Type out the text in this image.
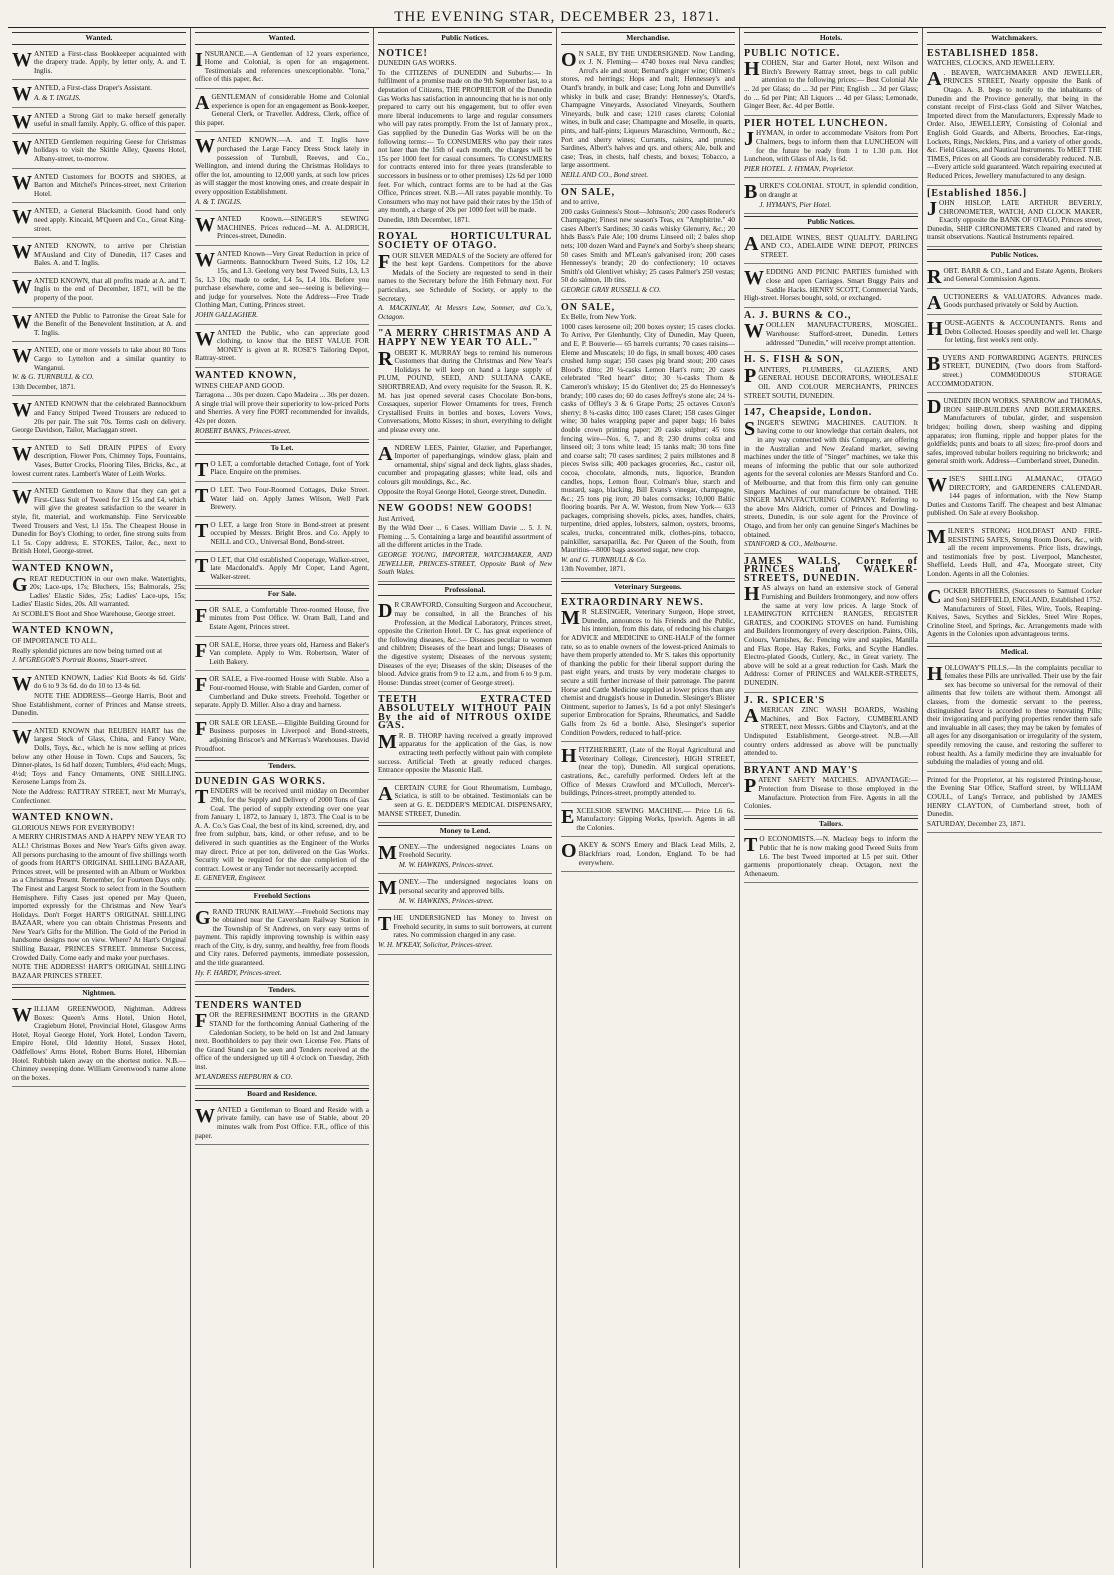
THE EVENING STAR, DECEMBER 23, 1871.
Wanted.

WANTED a First-class Bookkeeper acquainted with the drapery trade. Apply, by letter only, A. and T. Inglis.

WANTED, a First-class Draper's Assistant.

A. & T. INGLIS.

WANTED a Strong Girl to make herself generally useful in small family. Apply, G. office of this paper.

WANTED Gentlemen requiring Geese for Christmas holidays to visit the Skittle Alley, Queens Hotel, Albany-street, to-morrow.

WANTED Customers for BOOTS and SHOES, at Barton and Mitchel's Princes-street, next Criterion Hotel.

WANTED, a General Blacksmith. Good hand only need apply. Kincaid, M'Queen and Co., Great King-street.

WANTED KNOWN, to arrive per Christian M'Ausland and City of Dunedin, 117 Cases and Bales. A. and T. Inglis.

WANTED KNOWN, that all profits made at A. and T. Inglis to the end of December, 1871, will be the property of the poor.

WANTED the Public to Patronise the Great Sale for the Benefit of the Benevolent Institution, at A. and T. Inglis.

WANTED, one or more vessels to take about 80 Tons Cargo to Lyttelton and a similar quantity to Wanganui.

W. & G. TURNBULL & CO.

13th December, 1871.

WANTED KNOWN that the celebrated Bannockburn and Fancy Striped Tweed Trousers are reduced to 20s per pair. The suit 70s. Terms cash on delivery. George Davidson, Tailor, Maclaggan street.

WANTED to Sell DRAIN PIPES of Every description, Flower Pots, Chimney Tops, Fountains, Vases, Butter Crocks, Flooring Tiles, Bricks, &c., at lowest current rates. Lambert's Water of Leith Works.

WANTED Gentlemen to Know that they can get a First-Class Suit of Tweed for £3 15s and £4, which will give the greatest satisfaction to the wearer in style, fit, material, and workmanship. Fine Serviceable Tweed Trousers and Vest, Ll 15s. The Cheapest House in Dunedin for Boy's Clothing; to order, fine strong suits from L1 5s. Copy address, E. STOKES, Tailor, &c., next to British Hotel, George-street.

WANTED KNOWN,

GREAT REDUCTION in our own make. Watertights, 20s; Lace-ups, 17s; Bluchers, 15s; Balmorals, 25s; Ladies' Elastic Sides, 25s; Ladies' Lace-ups, 15s; Ladies' Elastic Sides, 20s. All warranted.

At SCOBLE'S Boot and Shoe Warehouse, George street.

WANTED KNOWN,

OF IMPORTANCE TO ALL.

Really splendid pictures are now being turned out at

J. M'GREGOR'S Portrait Rooms, Stuart-street.

WANTED KNOWN, Ladies' Kid Boots 4s 6d. Girls' do 6 to 9 3s 6d. do do 10 to 13 4s 6d.

NOTE THE ADDRESS—George Harris, Boot and Shoe Establishment, corner of Princes and Manse streets, Dunedin.

WANTED KNOWN that REUBEN HART has the largest Stock of Glass, China, and Fancy Ware, Dolls, Toys, &c., which he is now selling at prices below any other House in Town. Cups and Saucers, 5s; Dinner-plates, 1s 6d half dozen; Tumblers, 4½d each; Mugs, 4½d; Toys and Fancy Ornaments, ONE SHILLING. Kerosene Lamps from 2s.

Note the Address: RATTRAY STREET, next Mr Murray's, Confectioner.

WANTED KNOWN.

GLORIOUS NEWS FOR EVERYBODY!

A MERRY CHRISTMAS AND A HAPPY NEW YEAR TO ALL! Christmas Boxes and New Year's Gifts given away. All persons purchasing to the amount of five shillings worth of goods from HART'S ORIGINAL SHILLING BAZAAR, Princes street, will be presented with an Album or Workbox as a Christmas Present. Remember, for Fourteen Days only. The Finest and Largest Stock to select from in the Southern Hemisphere. Fifty Cases just opened per May Queen, imported expressly for the Christmas and New Year's Holidays. Don't Forget HART'S ORIGINAL SHILLING BAZAAR, where you can obtain Christmas Presents and New Year's Gifts for the Million. The Gold of the Period in handsome designs now on view. Where? At Hart's Original Shilling Bazaar, PRINCES STREET. Immense Success, Crowded Daily. Come early and make your purchases.

NOTE THE ADDRESS! HART'S ORIGINAL SHILLING BAZAAR PRINCES STREET.

Nightmen.

WILLIAM GREENWOOD, Nightman. Address Boxes: Queen's Arms Hotel, Union Hotel, Cragieburn Hotel, Provincial Hotel, Glasgow Arms Hotel, Royal George Hotel, York Hotel, London Tavern, Empire Hotel, Old Identity Hotel, Sussex Hotel, Oddfellows' Arms Hotel, Robert Burns Hotel, Hibernian Hotel. Rubbish taken away on the shortest notice. N.B.—Chimney sweeping done. William Greenwood's name alone on the boxes.

Wanted.

INSURANCE.—A Gentleman of 12 years experience, Home and Colonial, is open for an engagement. Testimonials and references unexceptionable. "Iona," office of this paper, &c.

AGENTLEMAN of considerable Home and Colonial experience is open for an engagement as Book-keeper, General Clerk, or Traveller. Address, Clerk, office of this paper.

WANTED KNOWN.—A. and T. Inglis have purchased the Large Fancy Dress Stock lately in possession of Turnbull, Reeves, and Co., Wellington, and intend during the Christmas Holidays to offer the lot, amounting to 12,000 yards, at such low prices as will stagger the most knowing ones, and create despair in every opposition Establishment.

A. & T. INGLIS.

WANTED Known.—SINGER'S SEWING MACHINES. Prices reduced—M. A. ALDRICH, Princes-street, Dunedin.

WANTED Known—Very Great Reduction in price of Garments. Bannockburn Tweed Suits, L2 10s, L2 15s, and L3. Geelong very best Tweed Suits, L3, L3 5s, L3 10s; made to order, L4 5s, L4 10s. Before you purchase elsewhere, come and see—seeing is believing—and judge for yourselves. Note the Address—Free Trade Clothing Mart, Cutting, Princes street.

JOHN GALLAGHER.

WANTED the Public, who can appreciate good clothing, to know that the BEST VALUE FOR MONEY is given at R. ROSE'S Tailoring Depot, Rattray-street.

WANTED KNOWN,

WINES CHEAP AND GOOD.

Tarragona ... 30s per dozen. Capo Madeira ... 30s per dozen. A single trial will prove their superiority to low-priced Ports and Sherries. A very fine PORT recommended for invalids, 42s per dozen.

ROBERT BANKS, Princes-street.

To Let.

T O LET, a comfortable detached Cottage, foot of York Place. Enquire on the premises.

T O LET. Two Four-Roomed Cottages, Duke Street. Water laid on. Apply James Wilson, Well Park Brewery.

T O LET, a large Iron Store in Bond-street at present occupied by Messrs. Bright Bros. and Co. Apply to NEILL and CO., Universal Bond, Bond-street.

T O LET, that Old established Cooperage, Walker-street, late Macdonald's. Apply Mr Coper, Land Agent, Walker-street.

For Sale.

FOR SALE, a Comfortable Three-roomed House, five minutes from Post Office. W. Oram Ball, Land and Estate Agent, Princes street.

FOR SALE, Horse, three years old, Harness and Baker's Van complete. Apply to Wm. Robertson, Water of Leith Bakery.

FOR SALE, a Five-roomed House with Stable. Also a Four-roomed House, with Stable and Garden, corner of Cumberland and Duke streets. Freehold. Together or separate. Apply D. Miller. Also a dray and harness.

FOR SALE OR LEASE.—Eligible Building Ground for Business purposes in Liverpool and Bond-streets, adjoining Briscoe's and M'Kerras's Warehouses. David Proudfoot.

Tenders.

DUNEDIN GAS WORKS.

TENDERS will be received until midday on December 29th, for the Supply and Delivery of 2000 Tons of Gas Coal. The period of supply extending over one year from January 1, 1872, to January 1, 1873. The Coal is to be A. A. Co.'s Gas Coal, the best of its kind, screened, dry, and free from sulphur, bats, kind, or other refuse, and to be delivered in such quantities as the Engineer of the Works may direct. Price at per ton, delivered on the Gas Works. Security will be required for the due completion of the contract. Lowest or any Tender not necessarily accepted.

E. GENEVER, Engineer.

Freehold Sections

GRAND TRUNK RAILWAY.—Freehold Sections may be obtained near the Caversham Railway Station in the Township of St Andrews, on very easy terms of payment. This rapidly improving township is within easy reach of the City, is dry, sunny, and healthy, free from floods and City rates. Deferred payments, immediate possession, and the title guaranteed.

Hy. F. HARDY, Princes-street.

Tenders.

TENDERS WANTED

FOR the REFRESHMENT BOOTHS in the GRAND STAND for the forthcoming Annual Gathering of the Caledonian Society, to be held on 1st and 2nd January next. Boothholders to pay their own License Fee. Plans of the Grand Stand can be seen and Tenders received at the office of the undersigned up till 4 o'clock on Tuesday, 26th inst.

M'LANDRESS HEPBURN & CO.

Board and Residence.

WANTED a Gentleman to Board and Reside with a private family, can have use of Stable, about 20 minutes walk from Post Office. F.R., office of this paper.

Public Notices.

NOTICE!

DUNEDIN GAS WORKS.

To the CITIZENS of DUNEDIN and Suburbs:— In fulfilment of a promise made on the 9th September last, to a deputation of Citizens, THE PROPRIETOR of the Dunedin Gas Works has satisfaction in announcing that he is not only prepared to carry out his engagement, but to offer even more liberal inducements to large and regular consumers who will pay rates promptly. From the 1st of January prox., Gas supplied by the Dunedin Gas Works will be on the following terms:— To CONSUMERS who pay their rates not later than the 15th of each month, the charges will be 15s per 1000 feet for casual consumers. To CONSUMERS for contracts entered into for three years (transferable to successors in business or to other premises) 12s 6d per 1000 feet. For which, contract forms are to be had at the Gas Office, Princes street. N.B.—All rates payable monthly. To Consumers who may not have paid their rates by the 15th of any month, a charge of 20s per 1000 feet will be made.

Dunedin, 18th December, 1871.

ROYAL HORTICULTURAL SOCIETY OF OTAGO.

FOUR SILVER MEDALS of the Society are offered for the best kept Gardens. Competitors for the above Medals of the Society are requested to send in their names to the Secretary before the 16th February next. For particulars, see Schedule of Society, or apply to the Secretary,

A. MACKINLAY, At Messrs Law, Somner, and Co.'s, Octagon.

"A MERRY CHRISTMAS AND A HAPPY NEW YEAR TO ALL."

ROBERT K. MURRAY begs to remind his numerous Customers that during the Christmas and New Year's Holidays he will keep on hand a large supply of PLUM, POUND, SEED, AND SULTANA CAKE, SHORTBREAD, And every requisite for the Season. R. K. M. has just opened several cases Chocolate Bon-bons, Cossaques, superior Flower Ornaments for trees, French Crystallised Fruits in bottles and boxes, Lovers Vows, Conversations, Motto Kisses; in short, everything to delight and please every one.

ANDREW LEES, Painter, Glazier, and Paperhanger, Importer of paperhangings, window glass, plain and ornamental, ships' signal and deck lights, glass shades, cucumber and propagating glasses; white lead, oils and colours gilt mouldings, &c., &c.

Opposite the Royal George Hotel, George street, Dunedin.

NEW GOODS! NEW GOODS!

Just Arrived,

By the Wild Deer ... 6 Cases. William Davie ... 5. J. N. Fleming ... 5. Containing a large and beautiful assortment of all the different articles in the Trade.

GEORGE YOUNG, IMPORTER, WATCHMAKER, AND JEWELLER, PRINCES-STREET, Opposite Bank of New South Wales.

Professional.

D R CRAWFORD, Consulting Surgeon and Accoucheur, may be consulted, in all the Branches of his Profession, at the Medical Laboratory, Princes street, opposite the Criterion Hotel. Dr C. has great experience of the following diseases, &c.:— Diseases peculiar to women and children; Diseases of the heart and lungs; Diseases of the digestive system; Diseases of the nervous system; Diseases of the eye; Diseases of the skin; Diseases of the blood. Advice gratis from 9 to 12 a.m., and from 6 to 9 p.m. House: Dundas street (corner of George street).

TEETH EXTRACTED ABSOLUTELY WITHOUT PAIN By the aid of NITROUS OXIDE GAS.

M R. B. THORP having received a greatly improved apparatus for the application of the Gas, is now extracting teeth perfectly without pain with complete success. Artificial Teeth at greatly reduced charges. Entrance opposite the Masonic Hall.

ACERTAIN CURE for Gout Rheumatism, Lumbago, Sciatica, is still to be obtained. Testimonials can be seen at G. E. DEDDER'S MEDICAL DISPENSARY, MANSE STREET, Dunedin.

Money to Lend.

MONEY.—The undersigned negociates Loans on Freehold Security.

M. W. HAWKINS, Princes-street.

MONEY.—The undersigned negociates loans on personal security and approved bills.

M. W. HAWKINS, Princes-street.

THE UNDERSIGNED has Money to Invest on Freehold security, in sums to suit borrowers, at current rates. No commission charged in any case.

W. H. M'KEAY, Solicitor, Princes-street.

Merchandise.

O N SALE, BY THE UNDERSIGNED. Now Landing, ex J. N. Fleming— 4740 boxes real Neva candles; Arrol's ale and stout; Bernard's ginger wine; Oilmen's stores, red herrings; Hops and malt; Hennessey's and Otard's brandy, in bulk and case; Long John and Dunville's whisky in bulk and case; Brandy: Hennessey's, Otard's, Champagne Vineyards, Associated Vineyards, Southern Vineyards, bulk and case; 1210 cases clarets; Colonial wines, in bulk and case; Champagne and Moselle, in quarts, pints, and half-pints; Liqueurs Maraschino, Vermouth, &c.; Port and sherry wines; Currants, raisins, and prunes; Sardines, Albert's halves and qrs. and others; Ale, bulk and case; Teas, in chests, half chests, and boxes; Tobacco, a large assortment.

NEILL AND CO., Bond street.

ON SALE,

and to arrive,

200 casks Guinness's Stout—Johnson's; 200 cases Roderer's Champagne; Finest new season's Teas, ex "Amphitrite." 40 cases Albert's Sardines; 30 casks whisky Glenurry, &c.; 20 hhds Bass's Pale Ale; 100 drums Linseed oil; 2 bales shop nets; 100 dozen Ward and Payne's and Sorby's sheep shears; 50 cases Smith and M'Lean's galvanised iron; 200 cases Hennessey's brandy; 20 do confectionery; 10 octaves Smith's old Glenlivet whisky; 25 cases Palmer's 250 vestas; 50 do salmon, 1lb tins.

GEORGE GRAY RUSSELL & CO.

ON SALE,

Ex Belle, from New York.

1000 cases kerosene oil; 200 boxes oyster; 15 cases clocks. To Arrive, Per Glenhuntly, City of Dunedin, May Queen, and E. P. Bouverie— 65 barrels currants; 70 cases raisins—Eleme and Muscatels; 10 do figs, in small boxes; 400 cases crushed lump sugar; 150 cases pig brand stout; 200 cases Blood's ditto; 20 ¼-casks Lemon Hart's rum; 20 cases celebrated "Red heart" ditto; 30 ¼-casks Thom & Cameron's whiskey; 15 do Glenlivet do; 25 do Hennessey's brandy; 100 cases do; 60 do cases Jeffrey's stone ale; 24 ¼-casks of Offley's 3 & 6 Grape Ports; 25 octaves Cuxon's sherry; 8 ¼-casks ditto; 100 cases Claret; 158 cases Ginger wine; 30 bales wrapping paper and paper bags; 16 bales double crown printing paper; 20 casks sulphur; 45 tons fencing wire—Nos. 6, 7, and 8; 230 drums colza and linseed oil; 3 tons white lead; 15 tanks malt; 30 tons fine and coarse salt; 70 cases sardines; 2 pairs millstones and 8 pieces Swiss silk; 400 packages groceries, &c., castor oil, cocoa, chocolate, almonds, nuts, liquorice, Brandon candles, hops, Lemon flour, Colman's blue, starch and mustard, sago, blacking, Bill Evans's vinegar, champagne, &c.; 25 tons pig iron; 20 bales cornsacks; 10,000 Baltic flooring boards. Per A. W. Weston, from New York— 633 packages, comprising shovels, picks, axes, handles, chairs, turpentine, dried apples, lobsters, salmon, oysters, brooms, scales, trucks, concentrated milk, clothes-pins, tobacco, painkiller, sarsaparilla, &c. Per Queen of the South, from Mauritius—8000 bags assorted sugar, new crop.

W. and G. TURNBULL & Co.

13th November, 1871.

Veterinary Surgeons.

EXTRAORDINARY NEWS.

M R SLESINGER, Veterinary Surgeon, Hope street, Dunedin, announces to his Friends and the Public, his intention, from this date, of reducing his charges for ADVICE and MEDICINE to ONE-HALF of the former rate, so as to enable owners of the lowest-priced Animals to have them properly attended to. Mr S. takes this opportunity of thanking the public for their liberal support during the past eight years, and trusts by very moderate charges to secure a still further increase of their patronage. The parent Horse and Cattle Medicine supplied at lower prices than any chemist and druggist's house in Dunedin. Slesinger's Blister Ointment, superior to James's, 1s 6d a pot only! Slesinger's superior Embrocation for Sprains, Rheumatics, and Saddle Galls from 2s 6d a bottle. Also, Slesinger's superior Condition Powders, reduced to half-price.

HFITZHERBERT, (Late of the Royal Agricultural and Veterinary College, Cirencester), HIGH STREET, (near the top), Dunedin. All surgical operations, castrations, &c., carefully performed. Orders left at the Office of Messrs Crawford and M'Culloch, Mercer's-buildings, Princes-street, promptly attended to.

EXCELSIOR SEWING MACHINE.— Price L6 6s. Manufactory: Gipping Works, Ipswich. Agents in all the Colonies.

OAKEY & SON'S Emery and Black Lead Mills, 2, Blackfriars road, London, England. To be had everywhere.

Hotels.

PUBLIC NOTICE.

HCOHEN, Star and Garter Hotel, next Wilson and Birch's Brewery Rattray street, begs to call public attention to the following prices:— Best Colonial Ale ... 2d per Glass; do ... 3d per Pint; English ... 3d per Glass; do ... 6d per Pint; All Liquors ... 4d per Glass; Lemonade, Ginger Beer, &c. 4d per Bottle.

PIER HOTEL LUNCHEON.

JHYMAN, in order to accommodate Visitors from Port Chalmers, begs to inform them that LUNCHEON will for the future be ready from 1 to 1.30 p.m. Hot Luncheon, with Glass of Ale, 1s 6d.

PIER HOTEL. J. HYMAN, Proprietor.

BURKE'S COLONIAL STOUT, in splendid condition, on draught at

J. HYMAN'S, Pier Hotel.

Public Notices.

ADELAIDE WINES, BEST QUALITY. DARLING AND CO., ADELAIDE WINE DEPOT, PRINCES STREET.

WEDDING AND PICNIC PARTIES furnished with close and open Carriages. Smart Buggy Pairs and Saddle Hacks. HENRY SCOTT, Commercial Yards, High-street. Horses bought, sold, or exchanged.

A. J. BURNS & CO.,

WOOLLEN MANUFACTURERS, MOSGIEL. Warehouse: Stafford-street, Dunedin. Letters addressed "Dunedin," will receive prompt attention.

H. S. FISH & SON,

PAINTERS, PLUMBERS, GLAZIERS, AND GENERAL HOUSE DECORATORS, WHOLESALE OIL AND COLOUR MERCHANTS, PRINCES STREET SOUTH, DUNEDIN.

147, Cheapside, London.

SINGER'S SEWING MACHINES. CAUTION. It having come to our knowledge that certain dealers, not in any way connected with this Company, are offering in the Australian and New Zealand market, sewing machines under the title of "Singer" machines, we take this means of informing the public that our sole authorized agents for the several colonies are Messrs Stanford and Co. of Melbourne, and that from this firm only can genuine Singers Machines of our manufacture be obtained. THE SINGER MANUFACTURING COMPANY. Referring to the above Mrs Aldrich, corner of Princes and Dowling-streets, Dunedin, is our sole agent for the Province of Otago, and from her only can genuine Singer's Machines be obtained.

STANFORD & CO., Melbourne.

JAMES WALLS, Corner of PRINCES and WALKER-STREETS, DUNEDIN.

HAS always on hand an extensive stock of General Furnishing and Builders Ironmongery, and now offers the same at very low prices. A large Stock of LEAMINGTON KITCHEN RANGES, REGISTER GRATES, and COOKING STOVES on hand. Furnishing and Builders Ironmongery of every description. Paints, Oils, Colours, Varnishes, &c. Fencing wire and staples, Manilla and Flax Rope. Hay Rakes, Forks, and Scythe Handles. Electro-plated Goods, Cutlery, &c., in Great variety. The above will be sold at a great reduction for Cash. Mark the Address: Corner of PRINCES and WALKER-STREETS, DUNEDIN.

J. R. SPICER'S

AMERICAN ZINC WASH BOARDS, Washing Machines, and Box Factory, CUMBERLAND STREET, next Messrs. Gibbs and Clayton's, and at the Undisputed Establishment, George-street. N.B.—All country orders addressed as above will be punctually attended to.

BRYANT AND MAY'S

PATENT SAFETY MATCHES. ADVANTAGE:— Protection from Disease to those employed in the Manufacture. Protection from Fire. Agents in all the Colonies.

Tailors.

T O ECONOMISTS.—N. Macleay begs to inform the Public that he is now making good Tweed Suits from L6. The best Tweed imported at L5 per suit. Other garments proportionately cheap. Octagon, next the Athenaeum.

Watchmakers.

ESTABLISHED 1858.

WATCHES, CLOCKS, AND JEWELLERY.

A . BEAVER, WATCHMAKER AND JEWELLER, PRINCES STREET, Nearly opposite the Bank of Otago. A. B. begs to notify to the inhabitants of Dunedin and the Province generally, that being in the constant receipt of First-class Gold and Silver Watches, Imported direct from the Manufacturers, Expressly Made to Order. Also, JEWELLERY, Consisting of Colonial and English Gold Guards, and Alberts, Brooches, Ear-rings, Lockets, Rings, Necklets, Pins, and a variety of other goods, &c. Field Glasses, and Nautical Instruments. To MEET THE TIMES, Prices on all Goods are considerably reduced. N.B.—Every article sold guaranteed. Watch repairing executed at Reduced Prices, Jewellery manufactured to any design.

[Established 1856.]

JOHN HISLOP, LATE ARTHUR BEVERLY, CHRONOMETER, WATCH, AND CLOCK MAKER, Exactly opposite the BANK OF OTAGO, Princes street, Dunedin, SHIP CHRONOMETERS Cleaned and rated by transit observations. Nautical Instruments repaired.

Public Notices.

ROBT. BARR & CO., Land and Estate Agents, Brokers and General Commission Agents.

AUCTIONEERS & VALUATORS. Advances made. Goods purchased privately or Sold by Auction.

HOUSE-AGENTS & ACCOUNTANTS. Rents and Debts Collected. Houses speedily and well let. Charge for letting, first week's rent only.

BUYERS AND FORWARDING AGENTS. PRINCES STREET, DUNEDIN, (Two doors from Stafford-street.) COMMODIOUS STORAGE ACCOMMODATION.

DUNEDIN IRON WORKS. SPARROW and THOMAS, IRON SHIP-BUILDERS AND BOILERMAKERS. Manufacturers of tubular, girder, and suspension bridges; boiling down, sheep washing and dipping apparatus; iron fluming, ripple and hopper plates for the goldfields; punts and boats to all sizes; fire-proof doors and safes, improved tubular boilers requiring no brickwork; and general smith work. Address—Cumberland street, Dunedin.

WISE'S SHILLING ALMANAC, OTAGO DIRECTORY, and GARDENERS CALENDAR. 144 pages of information, with the New Stamp Duties and Customs Tariff. The cheapest and best Almanac published. On Sale at every Bookshop.

MILNER'S STRONG HOLDFAST AND FIRE-RESISTING SAFES, Strong Room Doors, &c., with all the recent improvements. Price lists, drawings, and testimonials free by post. Liverpool, Manchester, Sheffield, Leeds Hull, and 47a, Moorgate street, City London. Agents in all the Colonies.

COCKER BROTHERS, (Successors to Samuel Cocker and Son) SHEFFIELD, ENGLAND, Established 1752. Manufacturers of Steel, Files, Wire, Tools, Reaping-Knives, Saws, Scythes and Sickles, Steel Wire Ropes, Crinoline Steel, and Springs, &c. Arrangements made with Agents in the Colonies upon advantageous terms.

Medical.

HOLLOWAY'S PILLS.—In the complaints peculiar to females these Pills are unrivalled. Their use by the fair sex has become so universal for the removal of their ailments that few toilets are without them. Amongst all classes, from the domestic servant to the peeress, distinguished favor is accorded to these renovating Pills; their invigorating and purifying properties render them safe and invaluable in all cases; they may be taken by females of all ages for any disorganisation or irregularity of the system, speedily removing the cause, and restoring the sufferer to robust health. As a family medicine they are invaluable for subduing the maladies of young and old.

Printed for the Proprietor, at his registered Printing-house, the Evening Star Office, Stafford street, by WILLIAM COULL, of Lang's Terrace, and published by JAMES HENRY CLAYTON, of Cumberland street, both of Dunedin.

SATURDAY, December 23, 1871.
